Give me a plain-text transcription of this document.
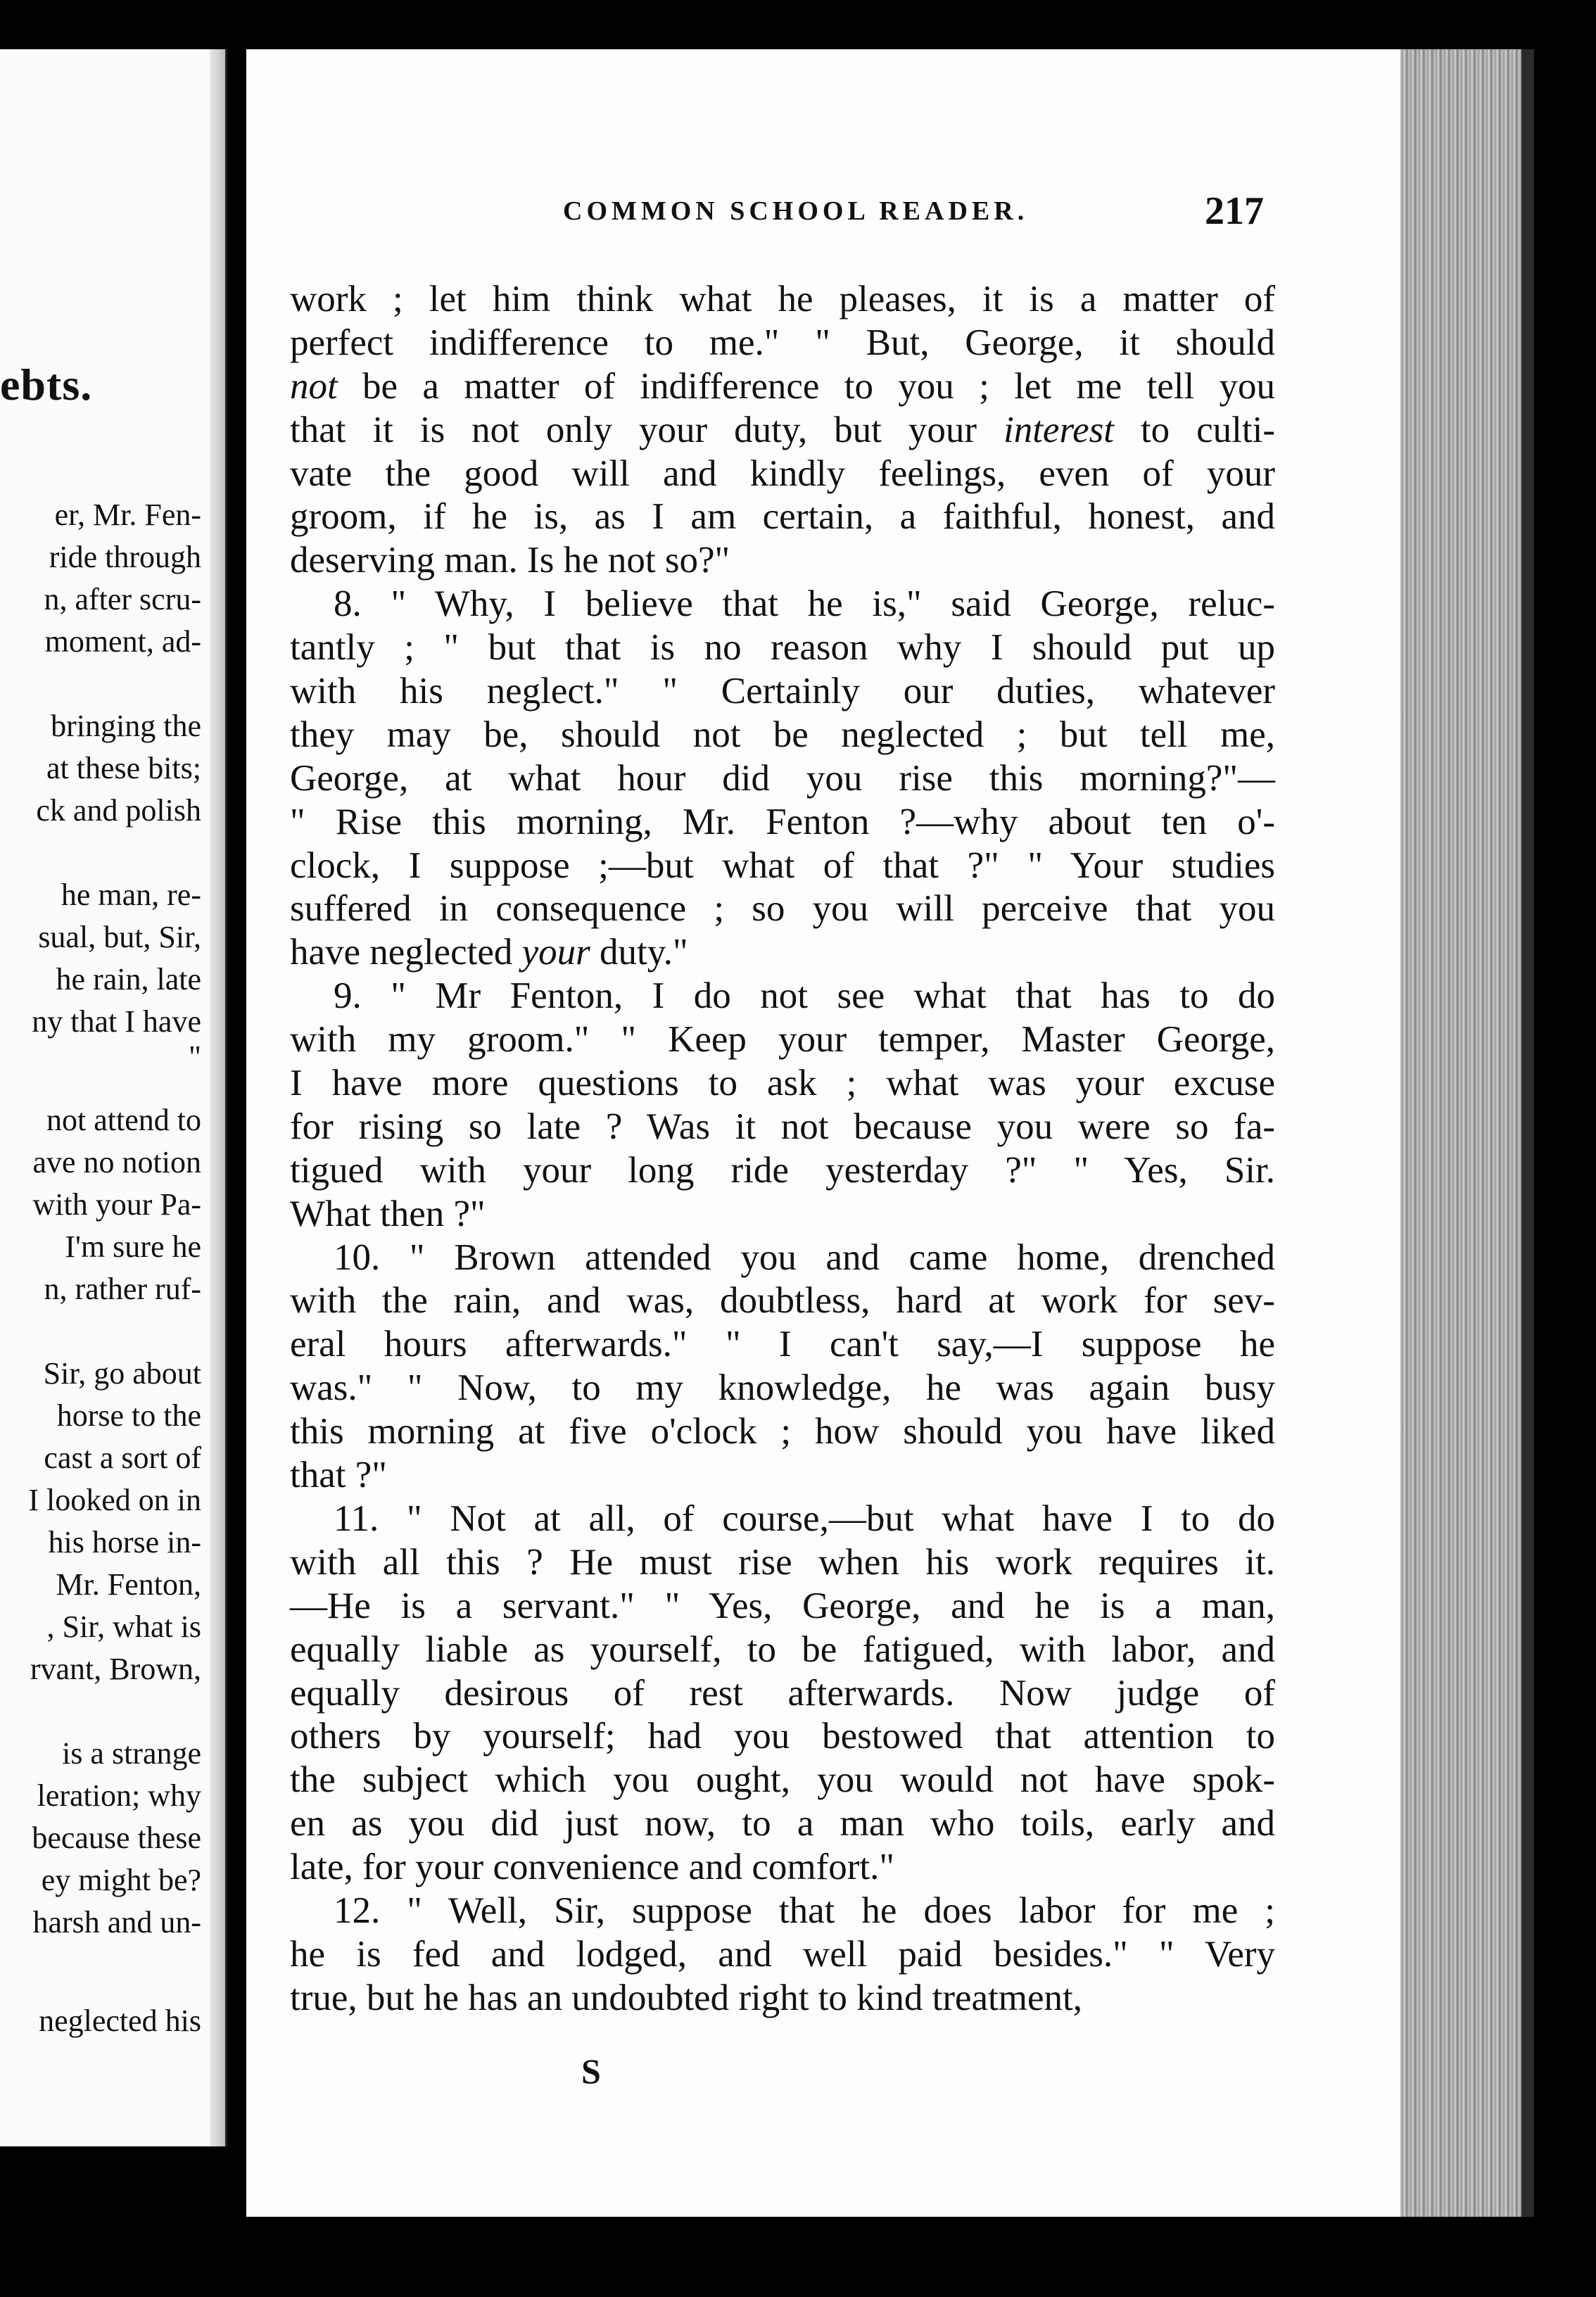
ebts.
er, Mr. Fen-
ride through
n, after scru-
moment, ad-
bringing the
at these bits;
ck and polish
he man, re-
sual, but, Sir,
he rain, late
ny that I have
"
not attend to
ave no notion
with your Pa-
I'm sure he
n, rather ruf-
Sir, go about
horse to the
cast a sort of
I looked on in
his horse in-
Mr. Fenton,
, Sir, what is
rvant, Brown,
is a strange
leration; why
because these
ey might be?
harsh and un-
neglected his
COMMON SCHOOL READER.	217
work ; let him think what he pleases, it is a matter of
perfect indifference to me." " But, George, it should
not be a matter of indifference to you ; let me tell you
that it is not only your duty, but your interest to culti-
vate the good will and kindly feelings, even of your
groom, if he is, as I am certain, a faithful, honest, and
deserving man. Is he not so?"
8. " Why, I believe that he is," said George, reluc-
tantly ; " but that is no reason why I should put up
with his neglect." " Certainly our duties, whatever
they may be, should not be neglected ; but tell me,
George, at what hour did you rise this morning?"—
" Rise this morning, Mr. Fenton ?—why about ten o'-
clock, I suppose ;—but what of that ?" " Your studies
suffered in consequence ; so you will perceive that you
have neglected your duty."
9. " Mr Fenton, I do not see what that has to do
with my groom." " Keep your temper, Master George,
I have more questions to ask ; what was your excuse
for rising so late ? Was it not because you were so fa-
tigued with your long ride yesterday ?" " Yes, Sir.
What then ?"
10. " Brown attended you and came home, drenched
with the rain, and was, doubtless, hard at work for sev-
eral hours afterwards." " I can't say,—I suppose he
was." " Now, to my knowledge, he was again busy
this morning at five o'clock ; how should you have liked
that ?"
11. " Not at all, of course,—but what have I to do
with all this ? He must rise when his work requires it.
—He is a servant." " Yes, George, and he is a man,
equally liable as yourself, to be fatigued, with labor, and
equally desirous of rest afterwards. Now judge of
others by yourself; had you bestowed that attention to
the subject which you ought, you would not have spok-
en as you did just now, to a man who toils, early and
late, for your convenience and comfort."
12. " Well, Sir, suppose that he does labor for me ;
he is fed and lodged, and well paid besides." " Very
true, but he has an undoubted right to kind treatment,
S
